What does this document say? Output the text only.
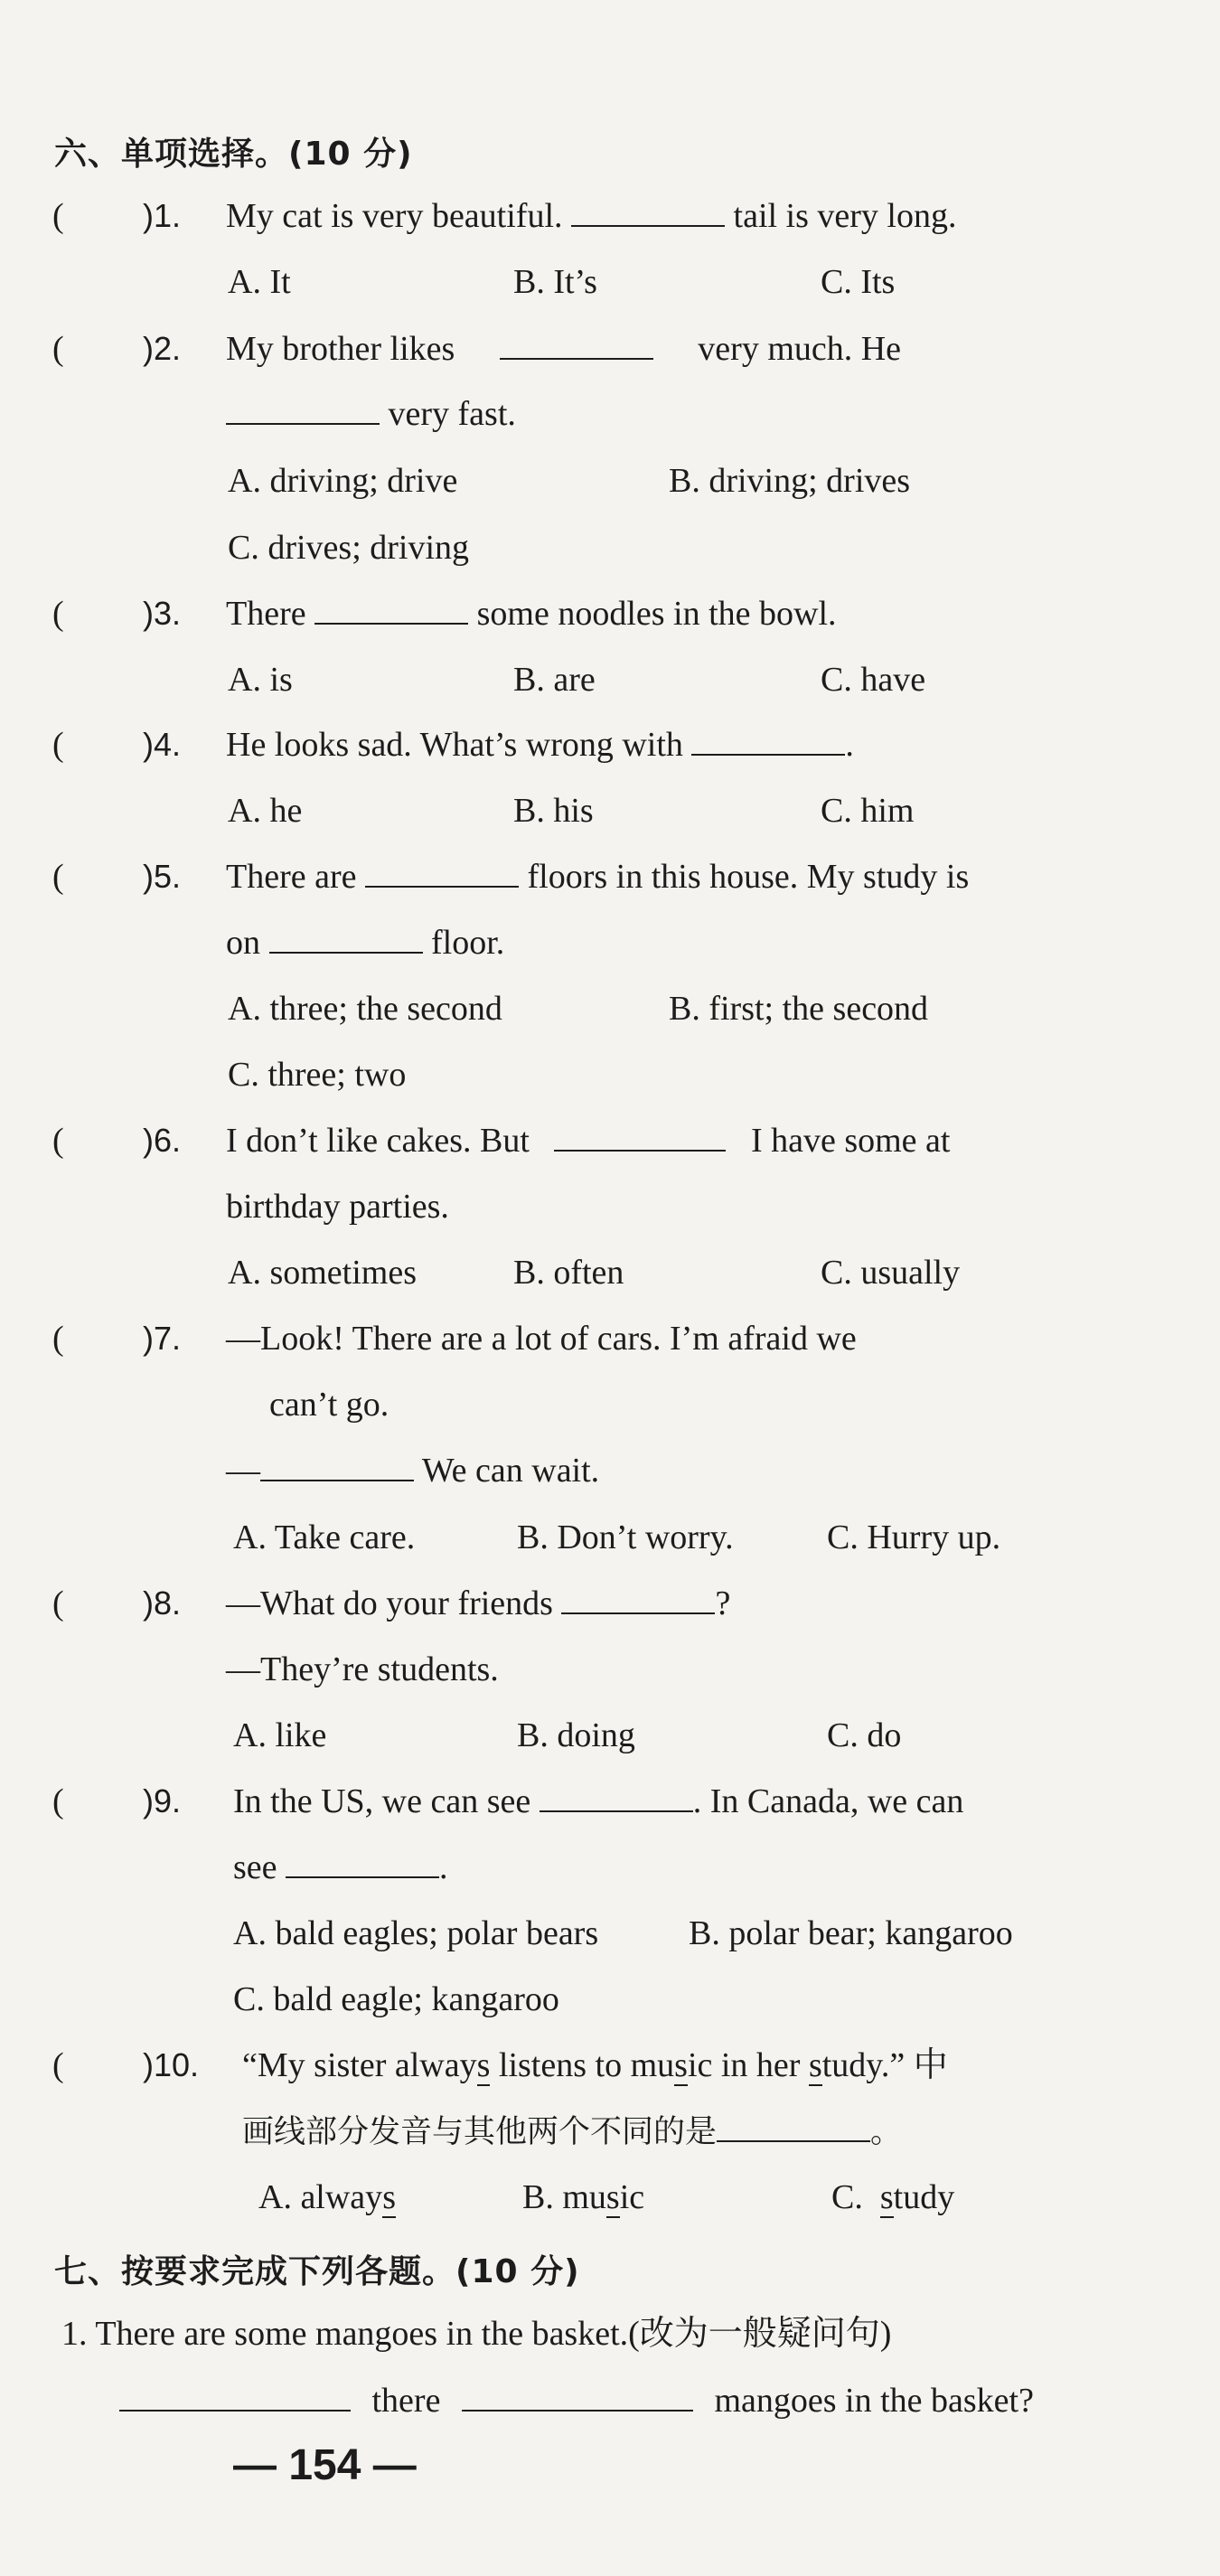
六、单项选择。(10 分)
( )1. My cat is very beautiful.	tail is very long.
A. It	B. It’s	C. Its
( )2. My brother likes	very much. He
very fast.
A. driving; drive	B. driving; drives
C. drives; driving
( )3. There	some noodles in the bowl.
A. is	B. are	C. have
( )4. He looks sad. What’s wrong with	.
A. he	B. his	C. him
( )5. There are	floors in this house. My study is
on	floor.
A. three; the second	B. first; the second
C. three; two
( )6. I don’t like cakes. But	I have some at
birthday parties.
A. sometimes	B. often	C. usually
( )7. —Look! There are a lot of cars. I’m afraid we
can’t go.
—	We can wait.
A. Take care.	B. Don’t worry.	C. Hurry up.
( )8. —What do your friends	?
—They’re students.
A. like	B. doing	C. do
( )9. In the US, we can see	. In Canada, we can
see	.
A. bald eagles; polar bears	B. polar bear; kangaroo
C. bald eagle; kangaroo
( )10. “My sister always listens to music in her study.” 中
画线部分发音与其他两个不同的是	。
A. always	B. music	C.  study
七、按要求完成下列各题。(10 分)
1. There are some mangoes in the basket.(改为一般疑问句)
there	mangoes in the basket?
— 154 —
